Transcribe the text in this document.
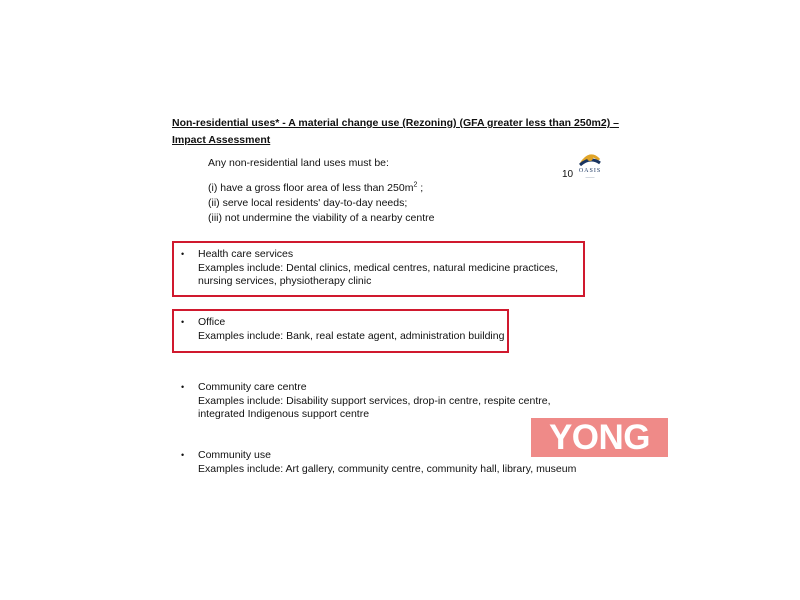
Non-residential uses* - A material change use (Rezoning) (GFA greater less than 250m2) – Impact Assessment
Any non-residential land uses must be:
(i) have a gross floor area of less than $250m^2$ ;
(ii) serve local residents' day-to-day needs;
(iii) not undermine the viability of a nearby centre
10 OASIS
———
• Health care services
Examples include: Dental clinics, medical centres, natural medicine practices, nursing services, physiotherapy clinic
• Office
Examples include: Bank, real estate agent, administration building
• Community care centre
Examples include: Disability support services, drop-in centre, respite centre, integrated Indigenous support centre
• Community use
Examples include: Art gallery, community centre, community hall, library, museum
YONG
